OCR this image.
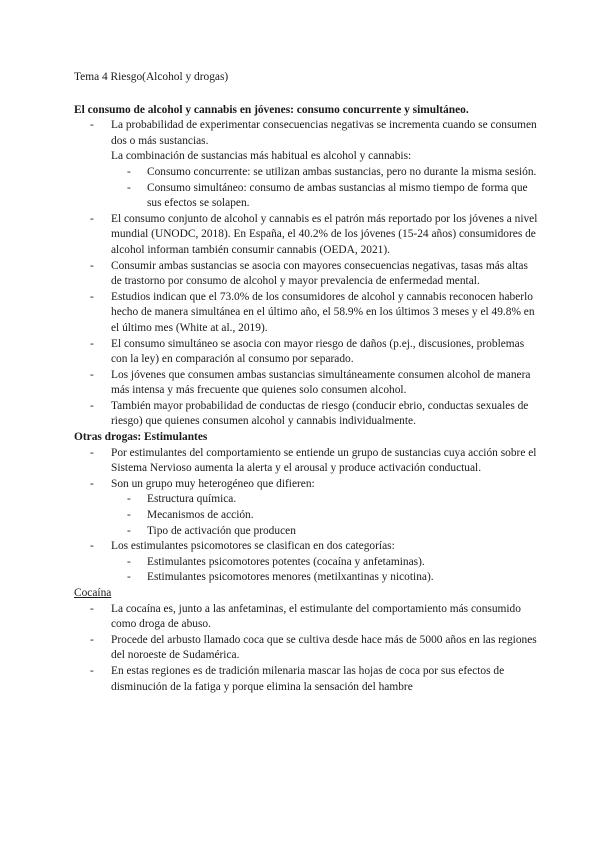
Tema 4 Riesgo(Alcohol y drogas)

El consumo de alcohol y cannabis en jóvenes: consumo concurrente y simultáneo.

- La probabilidad de experimentar consecuencias negativas se incrementa cuando se consumen dos o más sustancias.
La combinación de sustancias más habitual es alcohol y cannabis:
- Consumo concurrente: se utilizan ambas sustancias, pero no durante la misma sesión.
- Consumo simultáneo: consumo de ambas sustancias al mismo tiempo de forma que sus efectos se solapen.
- El consumo conjunto de alcohol y cannabis es el patrón más reportado por los jóvenes a nivel mundial (UNODC, 2018). En España, el 40.2% de los jóvenes (15-24 años) consumidores de alcohol informan también consumir cannabis (OEDA, 2021).
- Consumir ambas sustancias se asocia con mayores consecuencias negativas, tasas más altas de trastorno por consumo de alcohol y mayor prevalencia de enfermedad mental.
- Estudios indican que el 73.0% de los consumidores de alcohol y cannabis reconocen haberlo hecho de manera simultánea en el último año, el 58.9% en los últimos 3 meses y el 49.8% en el último mes (White at al., 2019).
- El consumo simultáneo se asocia con mayor riesgo de daños (p.ej., discusiones, problemas con la ley) en comparación al consumo por separado.
- Los jóvenes que consumen ambas sustancias simultáneamente consumen alcohol de manera más intensa y más frecuente que quienes solo consumen alcohol.
- También mayor probabilidad de conductas de riesgo (conducir ebrio, conductas sexuales de riesgo) que quienes consumen alcohol y cannabis individualmente.

Otras drogas: Estimulantes

- Por estimulantes del comportamiento se entiende un grupo de sustancias cuya acción sobre el Sistema Nervioso aumenta la alerta y el arousal y produce activación conductual.
- Son un grupo muy heterogéneo que difieren:
- Estructura química.
- Mecanismos de acción.
- Tipo de activación que producen
- Los estimulantes psicomotores se clasifican en dos categorías:
- Estimulantes psicomotores potentes (cocaína y anfetaminas).
- Estimulantes psicomotores menores (metilxantinas y nicotina).

Cocaína

- La cocaína es, junto a las anfetaminas, el estimulante del comportamiento más consumido como droga de abuso.
- Procede del arbusto llamado coca que se cultiva desde hace más de 5000 años en las regiones del noroeste de Sudamérica.
- En estas regiones es de tradición milenaria mascar las hojas de coca por sus efectos de disminución de la fatiga y porque elimina la sensación del hambre
